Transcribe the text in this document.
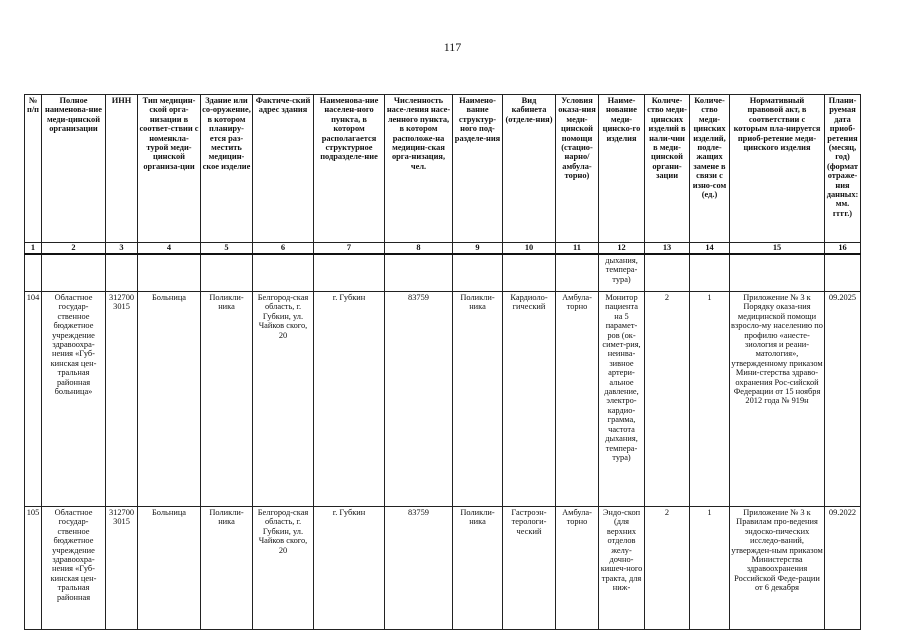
117
№ п/п	Полное наименова-ние меди-цинской организации	ИНН	Тип медицин-ской орга-низации в соответ-ствии с номенкла-турой меди-цинской организа-ции	Здание или со-оружение, в котором планиру-ется раз-местить медицин-ское изделие	Фактиче-ский адрес здания	Наименова-ние населен-ного пункта, в котором располагается структурное подразделе-ние	Численность насе-ления насе-ленного пункта, в котором расположе-на медицин-ская орга-низация, чел.	Наимено-вание структур-ного под-разделе-ния	Вид кабинета (отделе-ния)	Условия оказа-ния меди-цинской помощи (стацио-нарно/ амбула-торно)	Наиме-нование меди-цинско-го изделия	Количе-ство меди-цинских изделий в нали-чии в меди-цинской органи-зации	Количе-ство меди-цинских изделий, подле-жащих замене в связи с изно-сом (ед.)	Нормативный правовой акт, в соответствии с которым пла-нируется приоб-ретение меди-цинского изделия	Плани-руемая дата приоб-ретения (месяц, год) (формат отраже-ния данных: мм. гггг.)
1	2	3	4	5	6	7	8	9	10	11	12	13	14	15	16
											дыхания, темпера-тура)				
104	Областное государ-ственное бюджетное учреждение здравоохра-нения «Губ-кинская цен-тральная районная больница»	312700 3015	Больница	Поликли-ника	Белгород-ская область, г. Губкин, ул. Чайков ского, 20	г. Губкин	83759	Поликли-ника	Кардиоло-гический	Амбула-торно	Монитор пациента на 5 парамет-ров (ок-симет-рия, неинва-зивное артери-альное давление, электро-кардио-грамма, частота дыхания, темпера-тура)	2	1	Приложение № 3 к Порядку оказа-ния медицинской помощи взросло-му населению по профилю «анесте-зиология и реани-матология», утвержденному приказом Мини-стерства здраво-охранения Рос-сийской Федерации от 15 ноября 2012 года № 919н	09.2025
105	Областное государ-ственное бюджетное учреждение здравоохра-нения «Губ-кинская цен-тральная районная	312700 3015	Больница	Поликли-ника	Белгород-ская область, г. Губкин, ул. Чайков ского, 20	г. Губкин	83759	Поликли-ника	Гастроэн-терологи-ческий	Амбула-торно	Эндо-скоп (для верхних отделов желу-дочно-кишеч-ного тракта, для ниж-	2	1	Приложение № 3 к Правилам про-ведения эндоско-пических исследо-ваний, утвержден-ным приказом Министерства здравоохранения Российской Феде-рации от 6 декабря	09.2022
